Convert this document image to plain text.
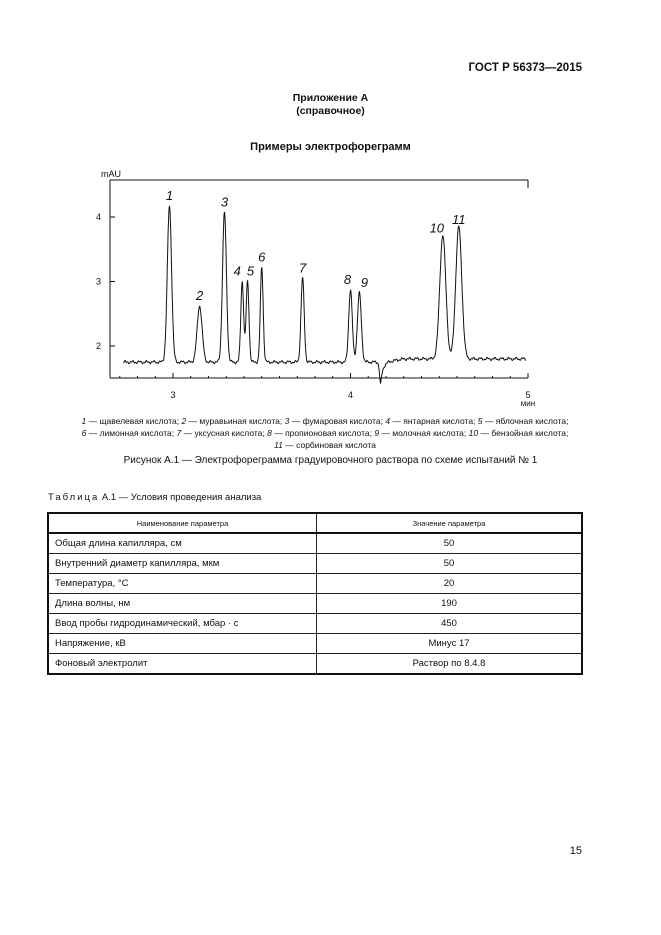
ГОСТ Р 56373—2015
Приложение А
(справочное)
Примеры электрофореграмм
mAU
2
3
4
3	4	5
мин
1
2
3
4 5
6
7
8 9
10
11
1 — щавелевая кислота; 2 — муравьиная кислота; 3 — фумаровая кислота; 4 — янтарная кислота; 5 — яблочная кислота;
6 — лимонная кислота; 7 — уксусная кислота; 8 — пропионовая кислота; 9 — молочная кислота; 10 — бензойная кислота;
11 — сорбиновая кислота
Рисунок А.1 — Электрофореграмма градуировочного раствора по схеме испытаний № 1
Таблица А.1 — Условия проведения анализа
Наименование параметра	Значение параметра
Общая длина капилляра, см	50
Внутренний диаметр капилляра, мкм	50
Температура, °С	20
Длина волны, нм	190
Ввод пробы гидродинамический, мбар · с	450
Напряжение, кВ	Минус 17
Фоновый электролит	Раствор по 8.4.8
15
